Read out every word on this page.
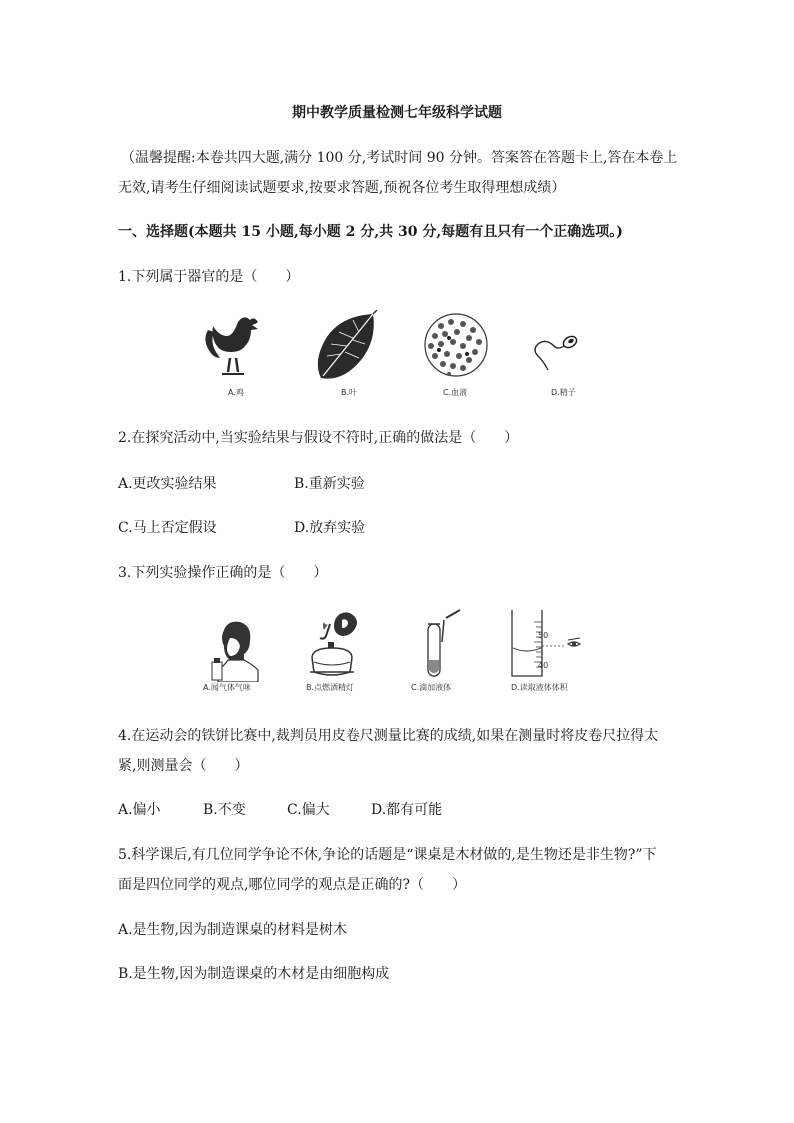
期中教学质量检测七年级科学试题
（温馨提醒:本卷共四大题,满分 100 分,考试时间 90 分钟。答案答在答题卡上,答在本卷上
无效,请考生仔细阅读试题要求,按要求答题,预祝各位考生取得理想成绩）
一、选择题(本题共 15 小题,每小题 2 分,共 30 分,每题有且只有一个正确选项。)
1.下列属于器官的是（　　）
A.鸡	B.叶	C.血液	D.精子
2.在探究活动中,当实验结果与假设不符时,正确的做法是（　　）
A.更改实验结果	B.重新实验
C.马上否定假设	D.放弃实验
3.下列实验操作正确的是（　　）
A.闻气体气味	B.点燃酒精灯	C.滴加液体
50
40
D.读取液体体积
4.在运动会的铁饼比赛中,裁判员用皮卷尺测量比赛的成绩,如果在测量时将皮卷尺拉得太
紧,则测量会（　　）
A.偏小	B.不变	C.偏大	D.都有可能
5.科学课后,有几位同学争论不休,争论的话题是“课桌是木材做的,是生物还是非生物?”下
面是四位同学的观点,哪位同学的观点是正确的?（　　）
A.是生物,因为制造课桌的材料是树木
B.是生物,因为制造课桌的木材是由细胞构成
